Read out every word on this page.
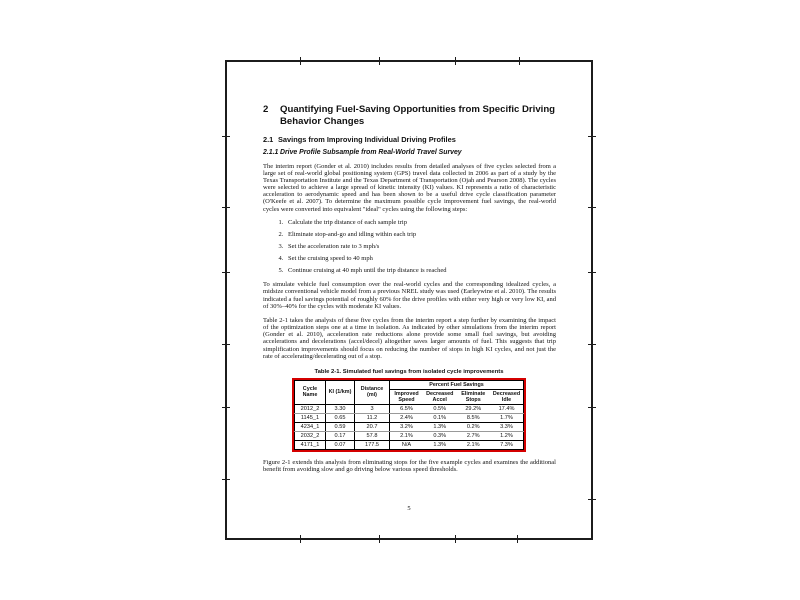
2	Quantifying Fuel-Saving Opportunities from Specific Driving Behavior Changes
2.1 Savings from Improving Individual Driving Profiles
2.1.1 Drive Profile Subsample from Real-World Travel Survey

The interim report (Gonder et al. 2010) includes results from detailed analyses of five cycles selected from a large set of real-world global positioning system (GPS) travel data collected in 2006 as part of a study by the Texas Transportation Institute and the Texas Department of Transportation (Ojah and Pearson 2008). The cycles were selected to achieve a large spread of kinetic intensity (KI) values. KI represents a ratio of characteristic acceleration to aerodynamic speed and has been shown to be a useful drive cycle classification parameter (O'Keefe et al. 2007). To determine the maximum possible cycle improvement fuel savings, the real-world cycles were converted into equivalent "ideal" cycles using the following steps:

1. Calculate the trip distance of each sample trip
2. Eliminate stop-and-go and idling within each trip
3. Set the acceleration rate to 3 mph/s
4. Set the cruising speed to 40 mph
5. Continue cruising at 40 mph until the trip distance is reached

To simulate vehicle fuel consumption over the real-world cycles and the corresponding idealized cycles, a midsize conventional vehicle model from a previous NREL study was used (Earleywine et al. 2010). The results indicated a fuel savings potential of roughly 60% for the drive profiles with either very high or very low KI, and of 30%–40% for the cycles with moderate KI values.

Table 2-1 takes the analysis of these five cycles from the interim report a step further by examining the impact of the optimization steps one at a time in isolation. As indicated by other simulations from the interim report (Gonder et al. 2010), acceleration rate reductions alone provide some small fuel savings, but avoiding accelerations and decelerations (accel/decel) altogether saves larger amounts of fuel. This suggests that trip simplification improvements should focus on reducing the number of stops in high KI cycles, and not just the rate of accelerating/decelerating out of a stop.

Table 2-1. Simulated fuel savings from isolated cycle improvements
Cycle Name	KI (1/km)	Distance (mi)	Percent Fuel Savings			
			Improved Speed	Decreased Accel	Eliminate Stops	Decreased Idle
2012_2	3.30	3	6.5%	0.5%	29.2%	17.4%
1145_1	0.65	11.2	2.4%	0.1%	8.5%	1.7%
4234_1	0.59	20.7	3.2%	1.3%	0.2%	3.3%
2032_2	0.17	57.8	2.1%	0.3%	2.7%	1.2%
4171_1	0.07	177.5	N/A	1.3%	2.1%	7.3%

Figure 2-1 extends this analysis from eliminating stops for the five example cycles and examines the additional benefit from avoiding slow and go driving below various speed thresholds.

5
